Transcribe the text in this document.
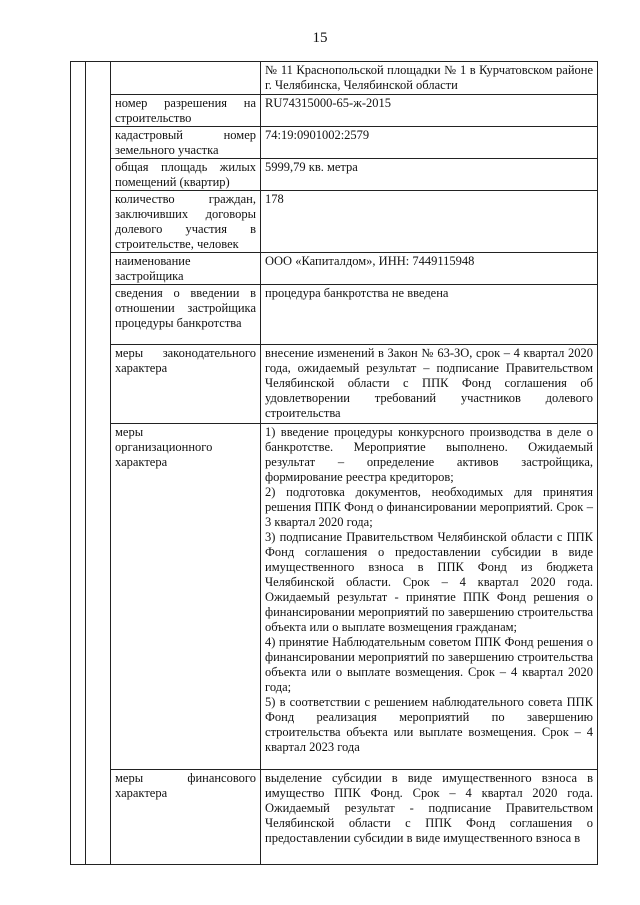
15
			№ 11 Краснопольской площадки № 1 в Курчатовском районе г. Челябинска, Челябинской области
		номер разрешения на строительство	RU74315000-65-ж-2015
		кадастровый номер земельного участка	74:19:0901002:2579
		общая площадь жилых помещений (квартир)	5999,79 кв. метра
		количество граждан, заключивших договоры долевого участия в строительстве, человек	178
		наименование застройщика	ООО «Капиталдом», ИНН: 7449115948
		сведения о введении в отношении застройщика процедуры банкротства	процедура банкротства не введена
		меры законодательного характера	внесение изменений в Закон № 63-ЗО, срок – 4 квартал 2020 года, ожидаемый результат – подписание Правительством Челябинской области с ППК Фонд соглашения об удовлетворении требований участников долевого строительства
		меры организационного характера	1) введение процедуры конкурсного производства в деле о банкротстве. Мероприятие выполнено. Ожидаемый результат – определение активов застройщика, формирование реестра кредиторов;
2) подготовка документов, необходимых для принятия решения ППК Фонд о финансировании мероприятий. Срок – 3 квартал 2020 года;
3) подписание Правительством Челябинской области с ППК Фонд соглашения о предоставлении субсидии в виде имущественного взноса в ППК Фонд из бюджета Челябинской области. Срок – 4 квартал 2020 года. Ожидаемый результат - принятие ППК Фонд решения о финансировании мероприятий по завершению строительства объекта или о выплате возмещения гражданам;
4) принятие Наблюдательным советом ППК Фонд решения о финансировании мероприятий по завершению строительства объекта или о выплате возмещения. Срок – 4 квартал 2020 года;
5) в соответствии с решением наблюдательного совета ППК Фонд реализация мероприятий по завершению строительства объекта или выплате возмещения. Срок – 4 квартал 2023 года

		меры финансового характера	выделение субсидии в виде имущественного взноса в имущество ППК Фонд. Срок – 4 квартал 2020 года. Ожидаемый результат - подписание Правительством Челябинской области с ППК Фонд соглашения о предоставлении субсидии в виде имущественного взноса в
